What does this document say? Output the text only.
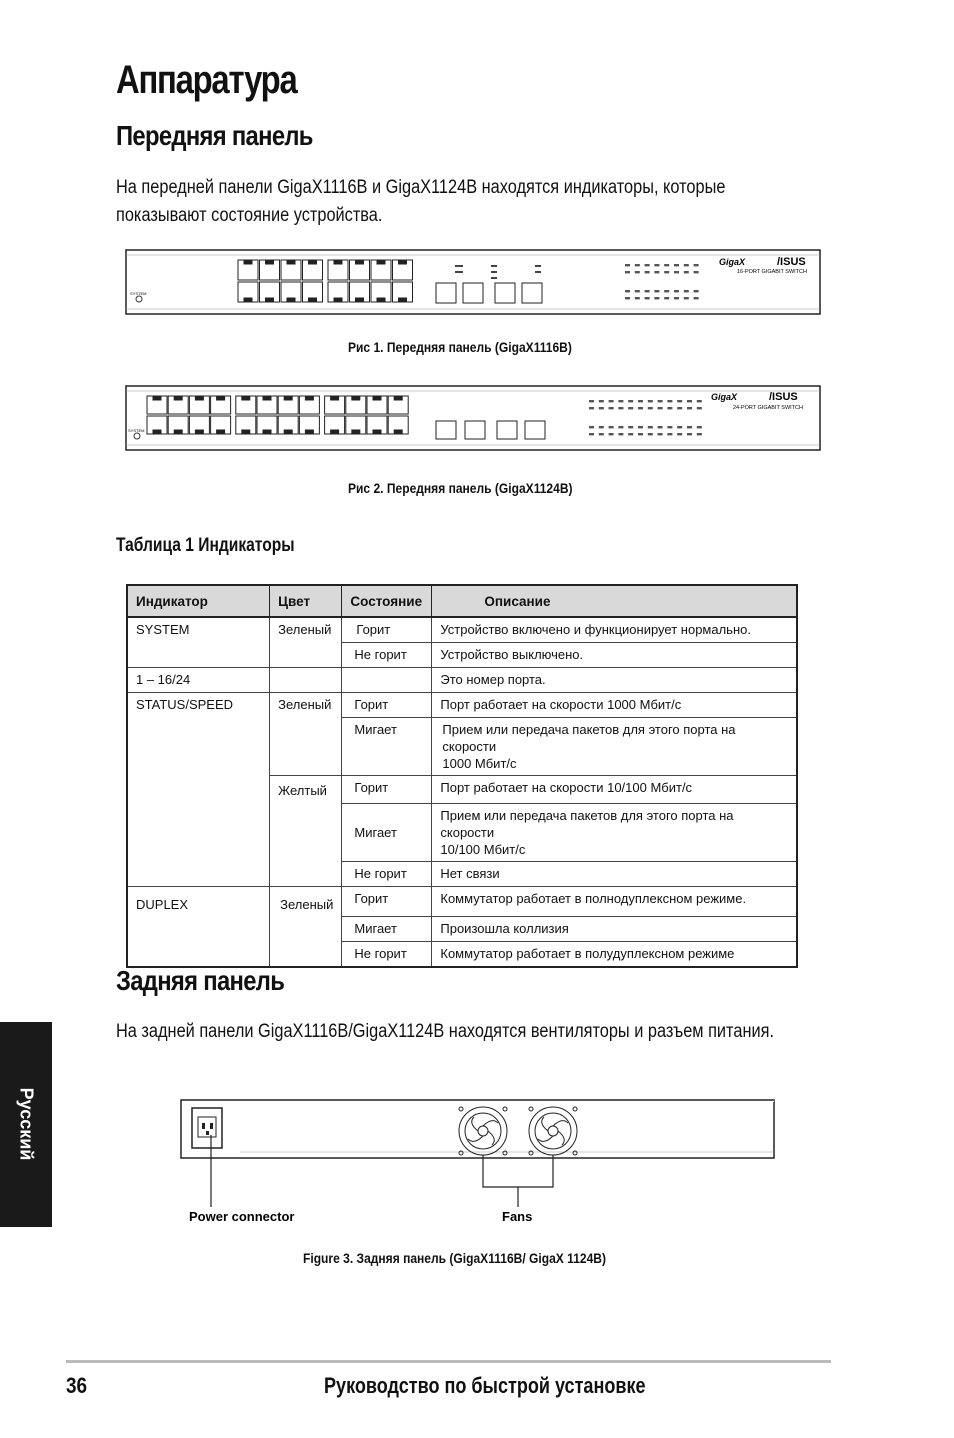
Аппаратура
Передняя панель
На передней панели GigaX1116B и GigaX1124B находятся индикаторы, которые
показывают состояние устройства.
SYSTEM
GigaX	/ISUS
16-PORT GIGABIT SWITCH
Рис 1. Передняя панель (GigaX1116B)
SYSTEM
GigaX	/ISUS
24-PORT GIGABIT SWITCH
Рис 2. Передняя панель (GigaX1124B)
Таблица 1 Индикаторы
Индикатор	Цвет	Состояние	Описание
SYSTEM	Зеленый	Горит	Устройство включено и функционирует нормально.
		Не горит	Устройство выключено.
1 – 16/24			Это номер порта.
STATUS/SPEED	Зеленый	Горит	Порт работает на скорости 1000 Мбит/с
		Мигает	Прием или передача пакетов для этого порта на скорости
1000 Мбит/с

	Желтый	Горит	Порт работает на скорости 10/100 Мбит/с
		Мигает	Прием или передача пакетов для этого порта на скорости
10/100 Мбит/с

		Не горит	Нет связи
DUPLEX	Зеленый	Горит	Коммутатор работает в полнодуплексном режиме.
		Мигает	Произошла коллизия
		Не горит	Коммутатор работает в полудуплексном режиме
Задняя панель
На задней панели GigaX1116B/GigaX1124B находятся вентиляторы и разъем питания.
Power connector	Fans
Figure 3. Задняя панель (GigaX1116B/ GigaX 1124B)
Русский
36	Руководство по быстрой установке
